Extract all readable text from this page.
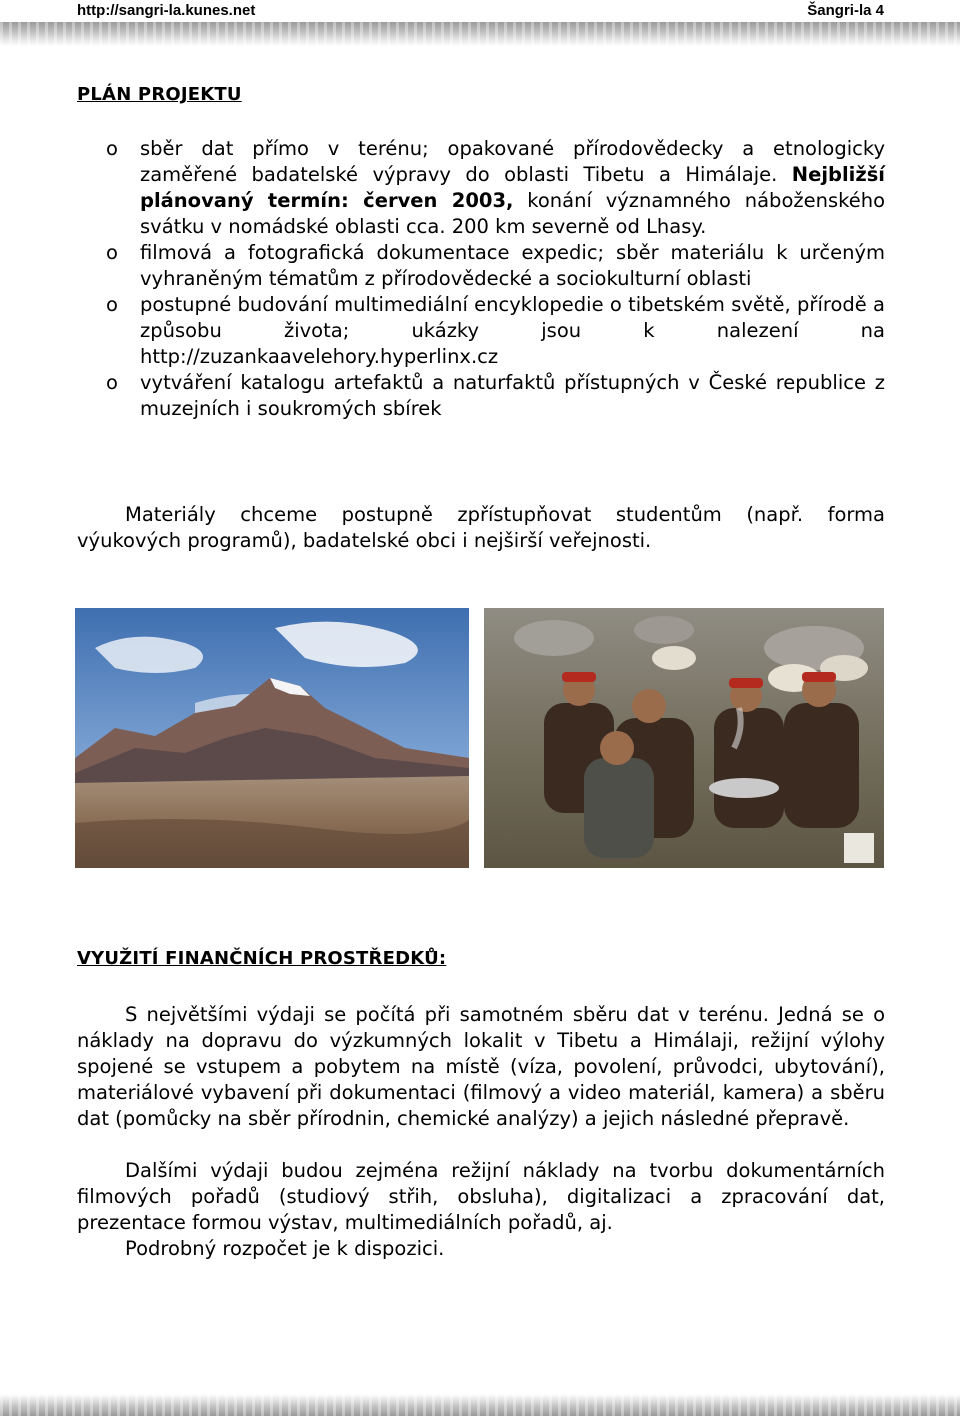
http://sangri-la.kunes.net	Šangri-la 4
PLÁN PROJEKTU
o sběr dat přímo v terénu; opakované přírodovědecky a etnologicky zaměřené badatelské výpravy do oblasti Tibetu a Himálaje. Nejbližší plánovaný termín: červen 2003, konání významného náboženského svátku v nomádské oblasti cca. 200 km severně od Lhasy.
o filmová a fotografická dokumentace expedic; sběr materiálu k určeným vyhraněným tématům z přírodovědecké a sociokulturní oblasti
o postupné budování multimediální encyklopedie o tibetském světě, přírodě a způsobu života; ukázky jsou k nalezení na http://zuzankaavelehory.hyperlinx.cz
o vytváření katalogu artefaktů a naturfaktů přístupných v České republice z muzejních i soukromých sbírek

Materiály chceme postupně zpřístupňovat studentům (např. forma výukových programů), badatelské obci i nejširší veřejnosti.

VYUŽITÍ FINANČNÍCH PROSTŘEDKŮ:

S největšími výdaji se počítá při samotném sběru dat v terénu. Jedná se o náklady na dopravu do výzkumných lokalit v Tibetu a Himálaji, režijní výlohy spojené se vstupem a pobytem na místě (víza, povolení, průvodci, ubytování), materiálové vybavení při dokumentaci (filmový a video materiál, kamera) a sběru dat (pomůcky na sběr přírodnin, chemické analýzy) a jejich následné přepravě.

Dalšími výdaji budou zejména režijní náklady na tvorbu dokumentárních filmových pořadů (studiový střih, obsluha), digitalizaci a zpracování dat, prezentace formou výstav, multimediálních pořadů, aj.

Podrobný rozpočet je k dispozici.
